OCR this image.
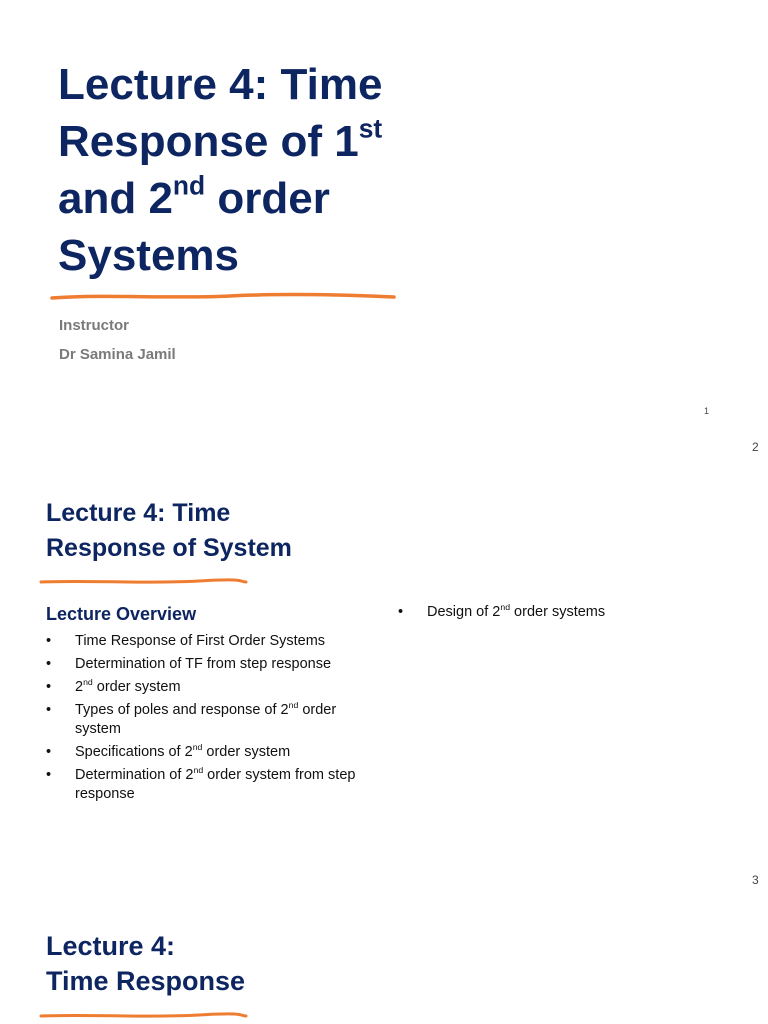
Lecture 4: Time
Response of 1st
and 2nd order
Systems
Instructor
Dr Samina Jamil
1
2
Lecture 4: Time
Response of System
Lecture Overview
• Time Response of First Order Systems
• Determination of TF from step response
• 2nd order system
• Types of poles and response of 2nd order
system
• Specifications of 2nd order system
• Determination of 2nd order system from step
response
• Design of 2nd order systems
3
Lecture 4:
Time Response
